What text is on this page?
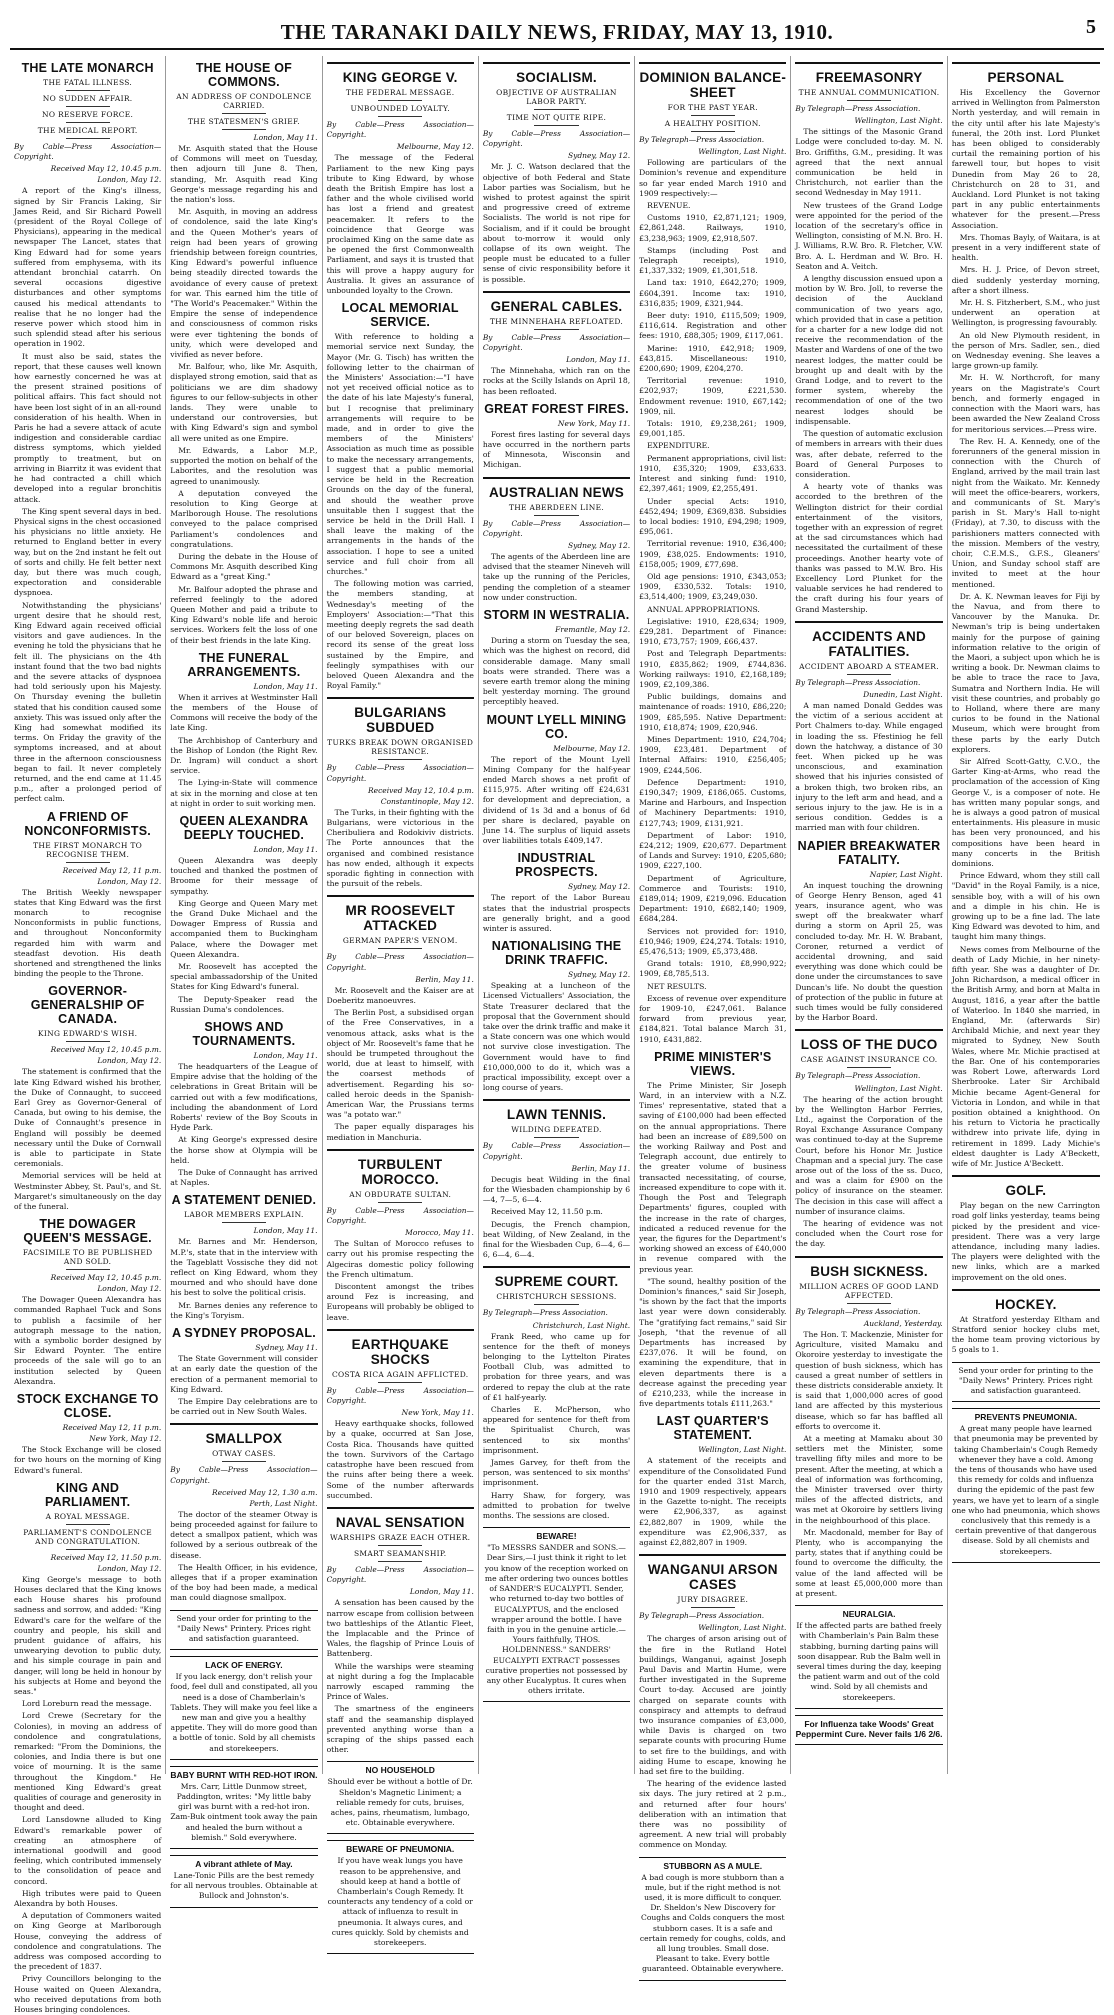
THE TARANAKI DAILY NEWS, FRIDAY, MAY 13, 1910.	5
THE LATE MONARCH
THE FATAL ILLNESS.
NO SUDDEN AFFAIR.
NO RESERVE FORCE.
THE MEDICAL REPORT.

By Cable—Press Association—Copyright.

Received May 12, 10.45 p.m.
London, May 12.

A report of the King's illness, signed by Sir Francis Laking, Sir James Reid, and Sir Richard Powell (president of the Royal College of Physicians), appearing in the medical newspaper The Lancet, states that King Edward had for some years suffered from emphysema, with its attendant bronchial catarrh. On several occasions digestive disturbances and other symptoms caused his medical attendants to realise that he no longer had the reserve power which stood him in such splendid stead after his serious operation in 1902.

It must also be said, states the report, that these causes well known how earnestly concerned he was at the present strained positions of political affairs. This fact should not have been lost sight of in an all-round consideration of his health. When in Paris he had a severe attack of acute indigestion and considerable cardiac distress symptoms, which yielded promptly to treatment, but on arriving in Biarritz it was evident that he had contracted a chill which developed into a regular bronchitis attack.

The King spent several days in bed. Physical signs in the chest occasioned his physicians no little anxiety. He returned to England better in every way, but on the 2nd instant he felt out of sorts and chilly. He felt better next day, but there was much cough, expectoration and considerable dyspnoea.

Notwithstanding the physicians' urgent desire that he should rest, King Edward again received official visitors and gave audiences. In the evening he told the physicians that he felt ill. The physicians on the 4th instant found that the two bad nights and the severe attacks of dyspnoea had told seriously upon his Majesty. On Thursday evening the bulletin stated that his condition caused some anxiety. This was issued only after the King had somewhat modified its terms. On Friday the gravity of the symptoms increased, and at about three in the afternoon consciousness began to fail. It never completely returned, and the end came at 11.45 p.m., after a prolonged period of perfect calm.

A FRIEND OF NONCONFORMISTS.
THE FIRST MONARCH TO RECOGNISE THEM.
Received May 12, 11 p.m.
London, May 12.

The British Weekly newspaper states that King Edward was the first monarch to recognise Nonconformists in public functions, and throughout Nonconformity regarded him with warm and steadfast devotion. His death shortened and strengthened the links binding the people to the Throne.

GOVERNOR-GENERALSHIP OF CANADA.
KING EDWARD'S WISH.
Received May 12, 10.45 p.m.
London, May 12.

The statement is confirmed that the late King Edward wished his brother, the Duke of Connaught, to succeed Earl Grey as Governor-General of Canada, but owing to his demise, the Duke of Connaught's presence in England will possibly be deemed necessary until the Duke of Cornwall is able to participate in State ceremonials.

Memorial services will be held at Westminster Abbey, St. Paul's, and St. Margaret's simultaneously on the day of the funeral.

THE DOWAGER QUEEN'S MESSAGE.
FACSIMILE TO BE PUBLISHED AND SOLD.
Received May 12, 10.45 p.m.
London, May 12.

The Dowager Queen Alexandra has commanded Raphael Tuck and Sons to publish a facsimile of her autograph message to the nation, with a symbolic border designed by Sir Edward Poynter. The entire proceeds of the sale will go to an institution selected by Queen Alexandra.

STOCK EXCHANGE TO CLOSE.
Received May 12, 11 p.m.
New York, May 12.

The Stock Exchange will be closed for two hours on the morning of King Edward's funeral.

KING AND PARLIAMENT.
A ROYAL MESSAGE.
PARLIAMENT'S CONDOLENCE AND CONGRATULATION.
Received May 12, 11.50 p.m.
London, May 12.

King George's message to both Houses declared that the King knows each House shares his profound sadness and sorrow, and added: "King Edward's care for the welfare of the country and people, his skill and prudent guidance of affairs, his unwearying devotion to public duty, and his simple courage in pain and danger, will long be held in honour by his subjects at Home and beyond the seas."

Lord Loreburn read the message.

Lord Crewe (Secretary for the Colonies), in moving an address of condolence and congratulations, remarked: "From the Dominions, the colonies, and India there is but one voice of mourning. It is the same throughout the Kingdom." He mentioned King Edward's great qualities of courage and generosity in thought and deed.

Lord Lansdowne alluded to King Edward's remarkable power of creating an atmosphere of international goodwill and good feeling, which contributed immensely to the consolidation of peace and concord.

High tributes were paid to Queen Alexandra by both Houses.

A deputation of Commoners waited on King George at Marlborough House, conveying the address of condolence and congratulations. The address was composed according to the precedent of 1837.

Privy Councillors belonging to the House waited on Queen Alexandra, who received deputations from both Houses bringing condolences.

THE HOUSE OF COMMONS.
AN ADDRESS OF CONDOLENCE CARRIED.
THE STATESMEN'S GRIEF.
London, May 11.

Mr. Asquith stated that the House of Commons will meet on Tuesday, then adjourn till June 8. Then, standing, Mr. Asquith read King George's message regarding his and the nation's loss.

Mr. Asquith, in moving an address of condolence, said the late King's and the Queen Mother's years of reign had been years of growing friendship between foreign countries, King Edward's powerful influence being steadily directed towards the avoidance of every cause of pretext for war. This earned him the title of "The World's Peacemaker." Within the Empire the sense of independence and consciousness of common risks were ever tightening the bonds of unity, which were developed and vivified as never before.

Mr. Balfour, who, like Mr. Asquith, displayed strong emotion, said that as politicians we are dim shadowy figures to our fellow-subjects in other lands. They were unable to understand our controversies, but with King Edward's sign and symbol all were united as one Empire.

Mr. Edwards, a Labor M.P., supported the motion on behalf of the Laborites, and the resolution was agreed to unanimously.

A deputation conveyed the resolution to King George at Marlborough House. The resolutions conveyed to the palace comprised Parliament's condolences and congratulations.

During the debate in the House of Commons Mr. Asquith described King Edward as a "great King."

Mr. Balfour adopted the phrase and referred feelingly to the adored Queen Mother and paid a tribute to King Edward's noble life and heroic services. Workers felt the loss of one of their best friends in the late King.

THE FUNERAL ARRANGEMENTS.
London, May 11.

When it arrives at Westminster Hall the members of the House of Commons will receive the body of the late King.

The Archbishop of Canterbury and the Bishop of London (the Right Rev. Dr. Ingram) will conduct a short service.

The Lying-in-State will commence at six in the morning and close at ten at night in order to suit working men.

QUEEN ALEXANDRA DEEPLY TOUCHED.
London, May 11.

Queen Alexandra was deeply touched and thanked the postmen of Broome for their message of sympathy.

King George and Queen Mary met the Grand Duke Michael and the Dowager Empress of Russia and accompanied them to Buckingham Palace, where the Dowager met Queen Alexandra.

Mr. Roosevelt has accepted the special ambassadorship of the United States for King Edward's funeral.

The Deputy-Speaker read the Russian Duma's condolences.

SHOWS AND TOURNAMENTS.
London, May 11.

The headquarters of the League of Empire advise that the holding of the celebrations in Great Britain will be carried out with a few modifications, including the abandonment of Lord Roberts' review of the Boy Scouts in Hyde Park.

At King George's expressed desire the horse show at Olympia will be held.

The Duke of Connaught has arrived at Naples.

A STATEMENT DENIED.
LABOR MEMBERS EXPLAIN.
London, May 11.

Mr. Barnes and Mr. Henderson, M.P.'s, state that in the interview with the Tageblatt Vossische they did not reflect on King Edward, whom they mourned and who should have done his best to solve the political crisis.

Mr. Barnes denies any reference to the King's Toryism.

A SYDNEY PROPOSAL.
Sydney, May 11.

The State Government will consider at an early date the question of the erection of a permanent memorial to King Edward.

The Empire Day celebrations are to be carried out in New South Wales.

SMALLPOX
OTWAY CASES.

By Cable—Press Association—Copyright.

Received May 12, 1.30 a.m.
Perth, Last Night.

The doctor of the steamer Otway is being proceeded against for failure to detect a smallpox patient, which was followed by a serious outbreak of the disease.

The Health Officer, in his evidence, alleges that if a proper examination of the boy had been made, a medical man could diagnose smallpox.

Send your order for printing to the "Daily News" Printery. Prices right and satisfaction guaranteed.

LACK OF ENERGY.

If you lack energy, don't relish your food, feel dull and constipated, all you need is a dose of Chamberlain's Tablets. They will make you feel like a new man and give you a healthy appetite. They will do more good than a bottle of tonic. Sold by all chemists and storekeepers.

BABY BURNT WITH RED-HOT IRON.

Mrs. Carr, Little Dunmow street, Paddington, writes: "My little baby girl was burnt with a red-hot iron. Zam-Buk ointment took away the pain and healed the burn without a blemish." Sold everywhere.

A vibrant athlete of May.

Lane-Tonic Pills are the best remedy for all nervous troubles. Obtainable at Bullock and Johnston's.

KING GEORGE V.
THE FEDERAL MESSAGE.
UNBOUNDED LOYALTY.

By Cable—Press Association—Copyright.

Melbourne, May 12.

The message of the Federal Parliament to the new King pays tribute to King Edward, by whose death the British Empire has lost a father and the whole civilised world has lost a friend and greatest peacemaker. It refers to the coincidence that George was proclaimed King on the same date as he opened the first Commonwealth Parliament, and says it is trusted that this will prove a happy augury for Australia. It gives an assurance of unbounded loyalty to the Crown.

LOCAL MEMORIAL SERVICE.

With reference to holding a memorial service next Sunday, the Mayor (Mr. G. Tisch) has written the following letter to the chairman of the Ministers' Association:—"I have not yet received official notice as to the date of his late Majesty's funeral, but I recognise that preliminary arrangements will require to be made, and in order to give the members of the Ministers' Association as much time as possible to make the necessary arrangements, I suggest that a public memorial service be held in the Recreation Grounds on the day of the funeral, and should the weather prove unsuitable then I suggest that the service be held in the Drill Hall. I shall leave the making of the arrangements in the hands of the association. I hope to see a united service and full choir from all churches."

The following motion was carried, the members standing, at Wednesday's meeting of the Employers' Association:—"That this meeting deeply regrets the sad death of our beloved Sovereign, places on record its sense of the great loss sustained by the Empire, and feelingly sympathises with our beloved Queen Alexandra and the Royal Family."

BULGARIANS SUBDUED
TURKS BREAK DOWN ORGANISED RESISTANCE.

By Cable—Press Association—Copyright.

Received May 12, 10.4 p.m.
Constantinople, May 12.

The Turks, in their fighting with the Bulgarians, were victorious in the Cheribuliera and Rodokiviv districts. The Porte announces that the organised and combined resistance has now ended, although it expects sporadic fighting in connection with the pursuit of the rebels.

MR ROOSEVELT ATTACKED
GERMAN PAPER'S VENOM.

By Cable—Press Association—Copyright.

Berlin, May 11.

Mr. Roosevelt and the Kaiser are at Doeberitz manoeuvres.

The Berlin Post, a subsidised organ of the Free Conservatives, in a venomous attack, asks what is the object of Mr. Roosevelt's fame that he should be trumpeted throughout the world, due at least to himself, with the coarsest methods of advertisement. Regarding his so-called heroic deeds in the Spanish-American War, the Prussians terms was "a potato war."

The paper equally disparages his mediation in Manchuria.

TURBULENT MOROCCO.
AN OBDURATE SULTAN.

By Cable—Press Association—Copyright.

Morocco, May 11.

The Sultan of Morocco refuses to carry out his promise respecting the Algeciras domestic policy following the French ultimatum.

Discontent amongst the tribes around Fez is increasing, and Europeans will probably be obliged to leave.

EARTHQUAKE SHOCKS
COSTA RICA AGAIN AFFLICTED.

By Cable—Press Association—Copyright.

New York, May 11.

Heavy earthquake shocks, followed by a quake, occurred at San Jose, Costa Rica. Thousands have quitted the town. Survivors of the Cartago catastrophe have been rescued from the ruins after being there a week. Some of the number afterwards succumbed.

NAVAL SENSATION
WARSHIPS GRAZE EACH OTHER.
SMART SEAMANSHIP.

By Cable—Press Association—Copyright.

London, May 11.

A sensation has been caused by the narrow escape from collision between two battleships of the Atlantic Fleet, the Implacable and the Prince of Wales, the flagship of Prince Louis of Battenberg.

While the warships were steaming at night during a fog the Implacable narrowly escaped ramming the Prince of Wales.

The smartness of the engineers staff and the seamanship displayed prevented anything worse than a scraping of the ships passed each other.

NO HOUSEHOLD

Should ever be without a bottle of Dr. Sheldon's Magnetic Liniment; a reliable remedy for cuts, bruises, aches, pains, rheumatism, lumbago, etc. Obtainable everywhere.

BEWARE OF PNEUMONIA.

If you have weak lungs you have reason to be apprehensive, and should keep at hand a bottle of Chamberlain's Cough Remedy. It counteracts any tendency of a cold or attack of influenza to result in pneumonia. It always cures, and cures quickly. Sold by chemists and storekeepers.

SOCIALISM.
OBJECTIVE OF AUSTRALIAN LABOR PARTY.
TIME NOT QUITE RIPE.

By Cable—Press Association—Copyright.

Sydney, May 12.

Mr. J. C. Watson declared that the objective of both Federal and State Labor parties was Socialism, but he wished to protest against the spirit and progressive creed of extreme Socialists. The world is not ripe for Socialism, and if it could be brought about to-morrow it would only collapse of its own weight. The people must be educated to a fuller sense of civic responsibility before it is possible.

GENERAL CABLES.
THE MINNEHAHA REFLOATED.

By Cable—Press Association—Copyright.

London, May 11.

The Minnehaha, which ran on the rocks at the Scilly Islands on April 18, has been refloated.

GREAT FOREST FIRES.
New York, May 11.

Forest fires lasting for several days have occurred in the northern parts of Minnesota, Wisconsin and Michigan.

AUSTRALIAN NEWS
THE ABERDEEN LINE.

By Cable—Press Association—Copyright.

Sydney, May 12.

The agents of the Aberdeen line are advised that the steamer Nineveh will take up the running of the Pericles, pending the completion of a steamer now under construction.

STORM IN WESTRALIA.
Fremantle, May 12.

During a storm on Tuesday the sea, which was the highest on record, did considerable damage. Many small boats were stranded. There was a severe earth tremor along the mining belt yesterday morning. The ground perceptibly heaved.

MOUNT LYELL MINING CO.
Melbourne, May 12.

The report of the Mount Lyell Mining Company for the half-year ended March shows a net profit of £115,975. After writing off £24,631 for development and depreciation, a dividend of 1s 3d and a bonus of 6d per share is declared, payable on June 14. The surplus of liquid assets over liabilities totals £409,147.

INDUSTRIAL PROSPECTS.
Sydney, May 12.

The report of the Labor Bureau states that the industrial prospects are generally bright, and a good winter is assured.

NATIONALISING THE DRINK TRAFFIC.
Sydney, May 12.

Speaking at a luncheon of the Licensed Victuallers' Association, the State Treasurer declared that the proposal that the Government should take over the drink traffic and make it a State concern was one which would not survive close investigation. The Government would have to find £10,000,000 to do it, which was a practical impossibility, except over a long course of years.

LAWN TENNIS.
WILDING DEFEATED.

By Cable—Press Association—Copyright.

Berlin, May 11.

Decugis beat Wilding in the final for the Wiesbaden championship by 6—4, 7—5, 6—4.

Received May 12, 11.50 p.m.

Decugis, the French champion, beat Wilding, of New Zealand, in the final for the Wiesbaden Cup, 6—4, 6—6, 6—4, 6—4.

SUPREME COURT.
CHRISTCHURCH SESSIONS.

By Telegraph—Press Association.

Christchurch, Last Night.

Frank Reed, who came up for sentence for the theft of moneys belonging to the Lyttelton Pirates Football Club, was admitted to probation for three years, and was ordered to repay the club at the rate of £1 half-yearly.

Charles E. McPherson, who appeared for sentence for theft from the Spiritualist Church, was sentenced to six months' imprisonment.

James Garvey, for theft from the person, was sentenced to six months' imprisonment.

Harry Shaw, for forgery, was admitted to probation for twelve months. The sessions are closed.

BEWARE!

"To MESSRS SANDER and SONS.—Dear Sirs,—I just think it right to let you know of the reception worked on me after ordering two ounces bottles of SANDER'S EUCALYPTI. Sender, who returned to-day two bottles of EUCALYPTUS, and the enclosed wrapper around the bottle. I have faith in you in the genuine article.—Yours faithfully, THOS. HOLDENNESS." SANDERS' EUCALYPTI EXTRACT possesses curative properties not possessed by any other Eucalyptus. It cures when others irritate.

DOMINION BALANCE-SHEET
FOR THE PAST YEAR.
A HEALTHY POSITION.

By Telegraph—Press Association.

Wellington, Last Night.

Following are particulars of the Dominion's revenue and expenditure so far year ended March 1910 and 1909 respectively:—

REVENUE.

Customs 1910, £2,871,121; 1909, £2,861,248. Railways, 1910, £3,238,963; 1909, £2,918,507.

Stamps (including Post and Telegraph receipts), 1910, £1,337,332; 1909, £1,301,518.

Land tax: 1910, £642,270; 1909, £604,391. Income tax: 1910, £316,835; 1909, £321,944.

Beer duty: 1910, £115,509; 1909, £116,614. Registration and other fees: 1910, £88,305; 1909, £117,061.

Marine: 1910, £42,918; 1909, £43,815. Miscellaneous: 1910, £200,690; 1909, £204,270.

Territorial revenue: 1910, £202,937; 1909, £221,530. Endowment revenue: 1910, £67,142; 1909, nil.

Totals: 1910, £9,238,261; 1909, £9,001,185.

EXPENDITURE.

Permanent appropriations, civil list: 1910, £35,320; 1909, £33,633. Interest and sinking fund: 1910, £2,397,461; 1909, £2,255,491.

Under special Acts: 1910, £452,494; 1909, £369,838. Subsidies to local bodies: 1910, £94,298; 1909, £95,061.

Territorial revenue: 1910, £36,400; 1909, £38,025. Endowments: 1910, £158,005; 1909, £77,698.

Old age pensions: 1910, £343,053; 1909, £330,532. Totals: 1910, £3,514,400; 1909, £3,249,030.

ANNUAL APPROPRIATIONS.

Legislative: 1910, £28,634; 1909, £29,281. Department of Finance: 1910, £73,757; 1909, £66,437.

Post and Telegraph Departments: 1910, £835,862; 1909, £744,836. Working railways: 1910, £2,168,189; 1909, £2,109,386.

Public buildings, domains and maintenance of roads: 1910, £86,220; 1909, £85,595. Native Department: 1910, £18,874; 1909, £20,946.

Mines Department: 1910, £24,704; 1909, £23,481. Department of Internal Affairs: 1910, £256,405; 1909, £244,506.

Defence Department: 1910, £190,347; 1909, £186,065. Customs, Marine and Harbours, and Inspection of Machinery Departments: 1910, £127,743; 1909, £131,921.

Department of Labor: 1910, £24,212; 1909, £20,677. Department of Lands and Survey: 1910, £205,680; 1909, £227,100.

Department of Agriculture, Commerce and Tourists: 1910, £189,014; 1909, £219,096. Education Department: 1910, £682,140; 1909, £684,284.

Services not provided for: 1910, £10,946; 1909, £24,274. Totals: 1910, £5,476,513; 1909, £5,373,488.

Grand totals: 1910, £8,990,922; 1909, £8,785,513.

NET RESULTS.

Excess of revenue over expenditure for 1909-10, £247,061. Balance forward from previous year, £184,821. Total balance March 31, 1910, £431,882.

PRIME MINISTER'S VIEWS.

The Prime Minister, Sir Joseph Ward, in an interview with a N.Z. Times' representative, stated that a saving of £100,000 had been effected on the annual appropriations. There had been an increase of £89,500 on the working Railway and Post and Telegraph account, due entirely to the greater volume of business transacted necessitating, of course, increased expenditure to cope with it. Though the Post and Telegraph Departments' figures, coupled with the increase in the rate of charges, indicated a reduced revenue for the year, the figures for the Department's working showed an excess of £40,000 in revenue compared with the previous year.

"The sound, healthy position of the Dominion's finances," said Sir Joseph, "is shown by the fact that the imports last year were down considerably. The "gratifying fact remains," said Sir Joseph, "that the revenue of all Departments has increased by £237,076. It will be found, on examining the expenditure, that in eleven departments there is a decrease against the preceding year of £210,233, while the increase in five departments totals £111,263."

LAST QUARTER'S STATEMENT.
Wellington, Last Night.

A statement of the receipts and expenditure of the Consolidated Fund for the quarter ended 31st March, 1910 and 1909 respectively, appears in the Gazette to-night. The receipts were £2,906,337, as against £2,882,807 in 1909, while the expenditure was £2,906,337, as against £2,882,807 in 1909.

WANGANUI ARSON CASES
JURY DISAGREE.

By Telegraph—Press Association.

Wellington, Last Night.

The charges of arson arising out of the fire in the Rutland Hotel buildings, Wanganui, against Joseph Paul Davis and Martin Hume, were further investigated in the Supreme Court to-day. Accused are jointly charged on separate counts with conspiracy and attempts to defraud two insurance companies of £3,000, while Davis is charged on two separate counts with procuring Hume to set fire to the buildings, and with aiding Hume to escape, knowing he had set fire to the building.

The hearing of the evidence lasted six days. The jury retired at 2 p.m., and returned after four hours' deliberation with an intimation that there was no possibility of agreement. A new trial will probably commence on Monday.

STUBBORN AS A MULE.

A bad cough is more stubborn than a mule, but if the right method is not used, it is more difficult to conquer. Dr. Sheldon's New Discovery for Coughs and Colds conquers the most stubborn cases. It is a safe and certain remedy for coughs, colds, and all lung troubles. Small dose. Pleasant to take. Every bottle guaranteed. Obtainable everywhere.

FREEMASONRY
THE ANNUAL COMMUNICATION.

By Telegraph—Press Association.

Wellington, Last Night.

The sittings of the Masonic Grand Lodge were concluded to-day. M. N. Bro. Griffiths, G.M., presiding. It was agreed that the next annual communication be held in Christchurch, not earlier than the second Wednesday in May 1911.

New trustees of the Grand Lodge were appointed for the period of the location of the secretary's office in Wellington, consisting of M.N. Bro. H. J. Williams, R.W. Bro. R. Fletcher, V.W. Bro. A. L. Herdman and W. Bro. H. Seaton and A. Veitch.

A lengthy discussion ensued upon a motion by W. Bro. Joll, to reverse the decision of the Auckland communication of two years ago, which provided that in case a petition for a charter for a new lodge did not receive the recommendation of the Master and Wardens of one of the two nearest lodges, the matter could be brought up and dealt with by the Grand Lodge, and to revert to the former system, whereby the recommendation of one of the two nearest lodges should be indispensable.

The question of automatic exclusion of members in arrears with their dues was, after debate, referred to the Board of General Purposes to consideration.

A hearty vote of thanks was accorded to the brethren of the Wellington district for their cordial entertainment of the visitors, together with an expression of regret at the sad circumstances which had necessitated the curtailment of these proceedings. Another hearty vote of thanks was passed to M.W. Bro. His Excellency Lord Plunket for the valuable services he had rendered to the craft during his four years of Grand Mastership.

ACCIDENTS AND FATALITIES.
ACCIDENT ABOARD A STEAMER.

By Telegraph—Press Association.

Dunedin, Last Night.

A man named Donald Geddes was the victim of a serious accident at Port Chalmers to-day. While engaged in loading the ss. Ffestiniog he fell down the hatchway, a distance of 30 feet. When picked up he was unconscious, and examination showed that his injuries consisted of a broken thigh, two broken ribs, an injury to the left arm and head, and a serious injury to the jaw. He is in a serious condition. Geddes is a married man with four children.

NAPIER BREAKWATER FATALITY.
Napier, Last Night.

An inquest touching the drowning of George Henry Benson, aged 41 years, insurance agent, who was swept off the breakwater wharf during a storm on April 25, was concluded to-day. Mr. H. W. Brabant, Coroner, returned a verdict of accidental drowning, and said everything was done which could be done under the circumstances to save Duncan's life. No doubt the question of protection of the public in future at such times would be fully considered by the Harbor Board.

LOSS OF THE DUCO
CASE AGAINST INSURANCE CO.

By Telegraph—Press Association.

Wellington, Last Night.

The hearing of the action brought by the Wellington Harbor Ferries, Ltd., against the Corporation of the Royal Exchange Assurance Company was continued to-day at the Supreme Court, before his Honor Mr. Justice Chapman and a special jury. The case arose out of the loss of the ss. Duco, and was a claim for £900 on the policy of insurance on the steamer. The decision in this case will affect a number of insurance claims.

The hearing of evidence was not concluded when the Court rose for the day.

BUSH SICKNESS.
MILLION ACRES OF GOOD LAND AFFECTED.

By Telegraph—Press Association.

Auckland, Yesterday.

The Hon. T. Mackenzie, Minister for Agriculture, visited Mamaku and Okoroire yesterday to investigate the question of bush sickness, which has caused a great number of settlers in these districts considerable anxiety. It is said that 1,000,000 acres of good land are affected by this mysterious disease, which so far has baffled all efforts to overcome it.

At a meeting at Mamaku about 30 settlers met the Minister, some travelling fifty miles and more to be present. After the meeting, at which a deal of information was forthcoming, the Minister traversed over thirty miles of the affected districts, and was met at Okoroire by settlers living in the neighbourhood of this place.

Mr. Macdonald, member for Bay of Plenty, who is accompanying the party, states that if anything could be found to overcome the difficulty, the value of the land affected will be some at least £5,000,000 more than at present.

NEURALGIA.

If the affected parts are bathed freely with Chamberlain's Pain Balm these stabbing, burning darting pains will soon disappear. Rub the Balm well in several times during the day, keeping the patient warm and out of the cold wind. Sold by all chemists and storekeepers.

For Influenza take Woods' Great Peppermint Cure. Never fails 1/6 2/6.
PERSONAL

His Excellency the Governor arrived in Wellington from Palmerston North yesterday, and will remain in the city until after his late Majesty's funeral, the 20th inst. Lord Plunket has been obliged to considerably curtail the remaining portion of his farewell tour, but hopes to visit Dunedin from May 26 to 28, Christchurch on 28 to 31, and Auckland. Lord Plunket is not taking part in any public entertainments whatever for the present.—Press Association.

Mrs. Thomas Bayly, of Waitara, is at present in a very indifferent state of health.

Mrs. H. J. Price, of Devon street, died suddenly yesterday morning, after a short illness.

Mr. H. S. Fitzherbert, S.M., who just underwent an operation at Wellington, is progressing favourably.

An old New Plymouth resident, in the person of Mrs. Sadler, sen., died on Wednesday evening. She leaves a large grown-up family.

Mr. H. W. Northcroft, for many years on the Magistrate's Court bench, and formerly engaged in connection with the Maori wars, has been awarded the New Zealand Cross for meritorious services.—Press wire.

The Rev. H. A. Kennedy, one of the forerunners of the general mission in connection with the Church of England, arrived by the mail train last night from the Waikato. Mr. Kennedy will meet the office-bearers, workers, and communicants of St. Mary's parish in St. Mary's Hall to-night (Friday), at 7.30, to discuss with the parishioners matters connected with the mission. Members of the vestry, choir, C.E.M.S., G.F.S., Gleaners' Union, and Sunday school staff are invited to meet at the hour mentioned.

Dr. A. K. Newman leaves for Fiji by the Navua, and from there to Vancouver by the Manuka. Dr. Newman's trip is being undertaken mainly for the purpose of gaining information relative to the origin of the Maori, a subject upon which he is writing a book. Dr. Newman claims to be able to trace the race to Java, Sumatra and Northern India. He will visit these countries, and probably go to Holland, where there are many curios to be found in the National Museum, which were brought from these parts by the early Dutch explorers.

Sir Alfred Scott-Gatty, C.V.O., the Garter King-at-Arms, who read the proclamation of the accession of King George V., is a composer of note. He has written many popular songs, and he is always a good patron of musical entertainments. His pleasure in music has been very pronounced, and his compositions have been heard in many concerts in the British dominions.

Prince Edward, whom they still call "David" in the Royal Family, is a nice, sensible boy, with a will of his own and a dimple in his chin. He is growing up to be a fine lad. The late King Edward was devoted to him, and taught him many things.

News comes from Melbourne of the death of Lady Michie, in her ninety-fifth year. She was a daughter of Dr. John Richardson, a medical officer in the British Army, and born at Malta in August, 1816, a year after the battle of Waterloo. In 1840 she married, in England, Mr. (afterwards Sir) Archibald Michie, and next year they migrated to Sydney, New South Wales, where Mr. Michie practised at the Bar. One of his contemporaries was Robert Lowe, afterwards Lord Sherbrooke. Later Sir Archibald Michie became Agent-General for Victoria in London, and while in that position obtained a knighthood. On his return to Victoria he practically withdrew into private life, dying in retirement in 1899. Lady Michie's eldest daughter is Lady A'Beckett, wife of Mr. Justice A'Beckett.

GOLF.

Play began on the new Carrington road golf links yesterday, teams being picked by the president and vice-president. There was a very large attendance, including many ladies. The players were delighted with the new links, which are a marked improvement on the old ones.

HOCKEY.

At Stratford yesterday Eltham and Stratford senior hockey clubs met, the home team proving victorious by 5 goals to 1.

Send your order for printing to the "Daily News" Printery. Prices right and satisfaction guaranteed.

PREVENTS PNEUMONIA.

A great many people have learned that pneumonia may be prevented by taking Chamberlain's Cough Remedy whenever they have a cold. Among the tens of thousands who have used this remedy for colds and influenza during the epidemic of the past few years, we have yet to learn of a single one who had pneumonia, which shows conclusively that this remedy is a certain preventive of that dangerous disease. Sold by all chemists and storekeepers.
